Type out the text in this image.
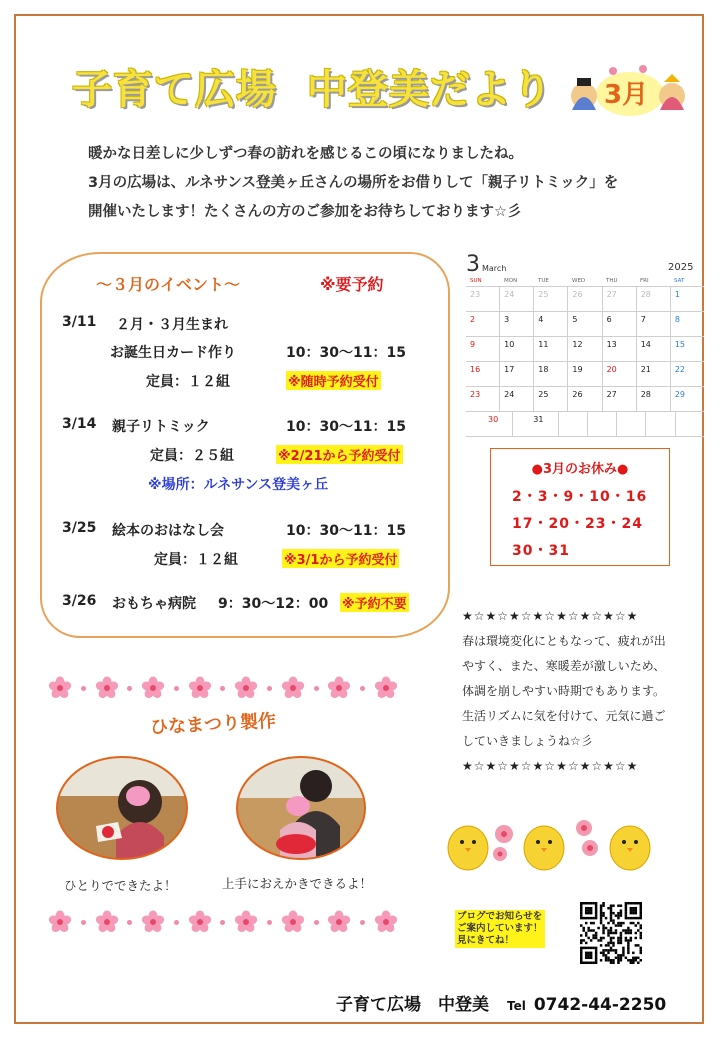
子育て広場 中登美だより 3月
暖かな日差しに少しずつ春の訪れを感じるこの頃になりましたね。
3月の広場は、ルネサンス登美ヶ丘さんの場所をお借りして「親子リトミック」を
開催いたします！たくさんの方のご参加をお待ちしております☆彡
～３月のイベント～	※要予約
3/11 ２月・３月生まれ
お誕生日カード作り	10：30～11：15
定員：１２組	※随時予約受付
3/14 親子リトミック	10：30～11：15
定員：２５組	※2/21から予約受付
※場所：ルネサンス登美ヶ丘
3/25 絵本のおはなし会	10：30～11：15
定員：１２組	※3/1から予約受付
3/26 おもちゃ病院 9：30～12：00 ※予約不要
3 March	2025
SUN	MON	TUE	WED	THU	FRI	SAT
23	24	25	26	27	28	1
2	3	4	5	6	7	8
9	10	11	12	13	14	15
16	17	18	19	20	21	22
23	24	25	26	27	28	29
30	31
●3月のお休み●
2・3・9・10・16
17・20・23・24
30・31
★☆★☆★☆★☆★☆★☆★☆★
春は環境変化にともなって、疲れが出
やすく、また、寒暖差が激しいため、
体調を崩しやすい時期でもあります。
生活リズムに気を付けて、元気に過ご
していきましょうね☆彡
★☆★☆★☆★☆★☆★☆★☆★
ひなまつり製作
ひとりでできたよ！	上手におえかきできるよ！
ブログでお知らせを
ご案内しています！
見にきてね！
子育て広場　中登美 Tel 0742-44-2250
